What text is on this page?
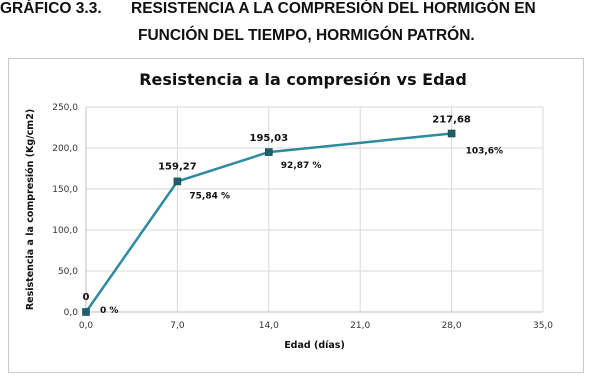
GRÁFICO 3.3. RESISTENCIA A LA COMPRESIÓN DEL HORMIGÓN EN
FUNCIÓN DEL TIEMPO, HORMIGÓN PATRÓN.
Resistencia a la compresión vs Edad
0,0
50,0
100,0
150,0
200,0
250,0
0,0	7,0	14,0	21,0	28,0	35,0
Resistencia a la compresión (Kg/cm2)
Edad (días)
0
0 %
159,27
75,84 %
195,03
92,87 %
217,68
103,6%
